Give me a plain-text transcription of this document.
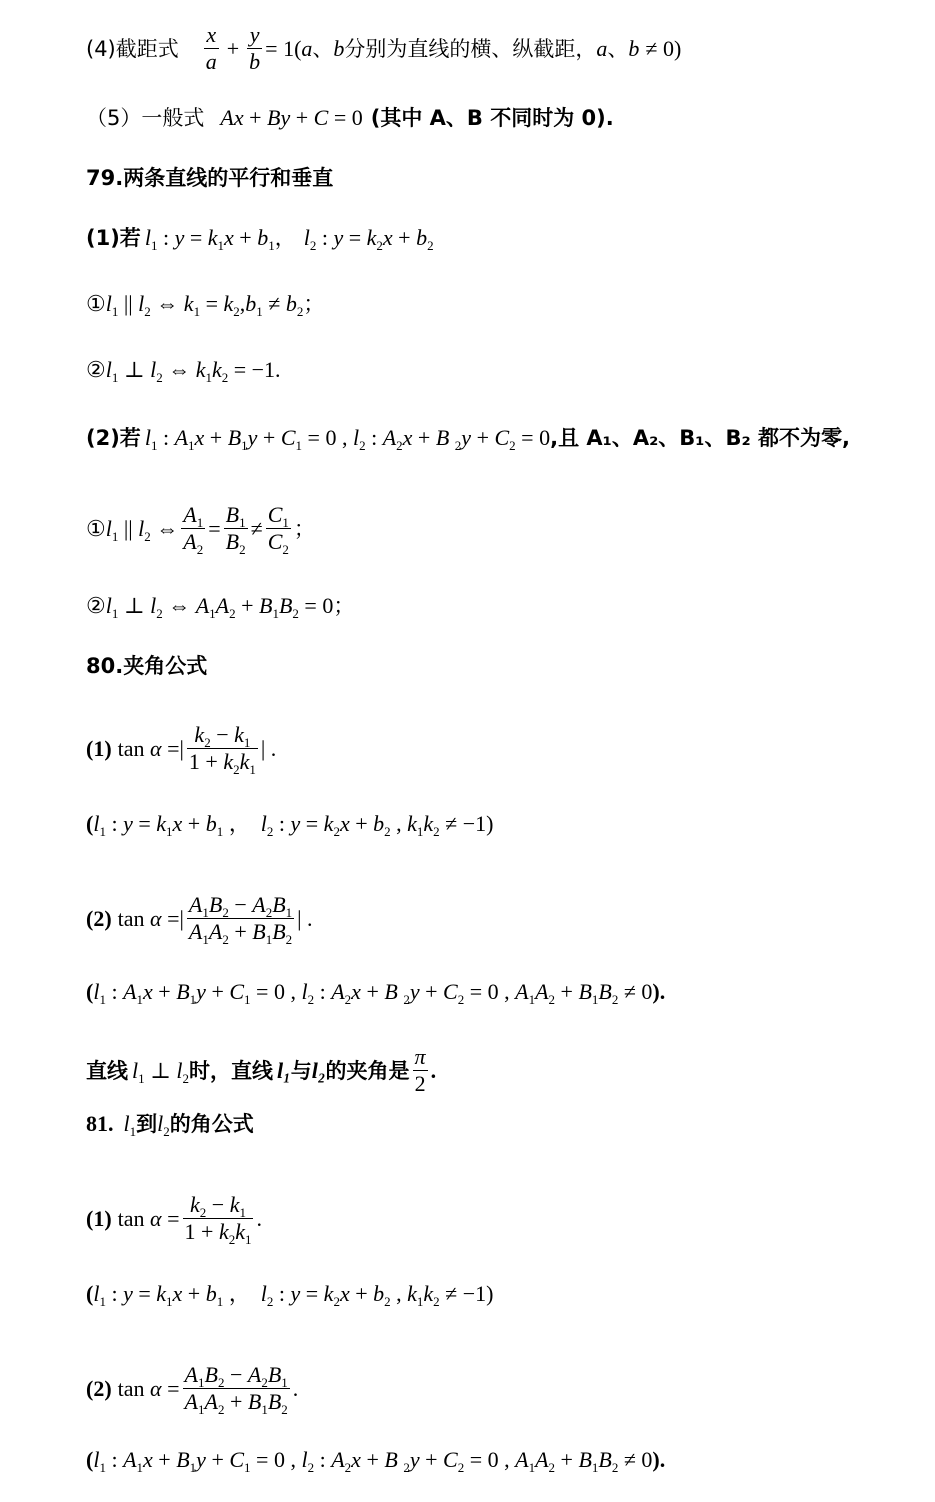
(4)截距式 $\frac{x}{a} + \frac{y}{b} = 1$ ( a 、 b 分别为直线的横、纵截距， a 、 b ≠ 0)
（5）一般式 Ax + By + C = 0 (其中 A、B 不同时为 0).
79.两条直线的平行和垂直
(1)若 $l_1$ : $y = k_1x + b_1$ ， $l_2$ : $y = k_2x + b_2$
① $l_1$ || $l_2$ ⇔ $k_1 = k_2,b_1 \ne b_2$ ；
② $l_1$ ⊥ $l_2$ ⇔ $k_1k_2 = -1$ .
(2)若 $l_1$ : $A_1x + B_1y + C_1 = 0$ , $l_2$ : $A_2x + B$ $_2y + C_2 = 0$ ,且 A₁、A₂、B₁、B₂ 都不为零,
① $l_1$ || $l_2$ ⇔ $\frac{A_1}{A_2} = \frac{B_1}{B_2} \ne \frac{C_1}{C_2}$ ；
② $l_1$ ⊥ $l_2$ ⇔ $A_1A_2 + B_1B_2 = 0$ ；
80.夹角公式
(1) tan α =| $\frac{k_2 - k_1}{1 + k_2k_1}$ | .
( $l_1$ : $y = k_1x + b_1$ ， $l_2$ : $y = k_2x + b_2$ , $k_1k_2 \ne -1$ )
(2) tan α =| $\frac{A_1B_2 - A_2B_1}{A_1A_2 + B_1B_2}$ | .
( $l_1$ : $A_1x + B_1y + C_1 = 0$ , $l_2$ : $A_2x + B$ $_2y + C_2 = 0$ , $A_1A_2 + B_1B_2 \ne 0$ ).
直线 $l_1$ ⊥ $l_2$ 时，直线 l₁ 与 l₂ 的夹角是 $\frac{\pi}{2}$ .
81. $l_1$ 到 $l_2$ 的角公式
(1) $\tan \alpha = \frac{k_2 - k_1}{1 + k_2k_1}$ .
( $l_1$ : $y = k_1x + b_1$ ， $l_2$ : $y = k_2x + b_2$ , $k_1k_2 \ne -1$ )
(2) $\tan \alpha = \frac{A_1B_2 - A_2B_1}{A_1A_2 + B_1B_2}$ .
( $l_1$ : $A_1x + B_1y + C_1 = 0$ , $l_2$ : $A_2x + B$ $_2y + C_2 = 0$ , $A_1A_2 + B_1B_2 \ne 0$ ).
